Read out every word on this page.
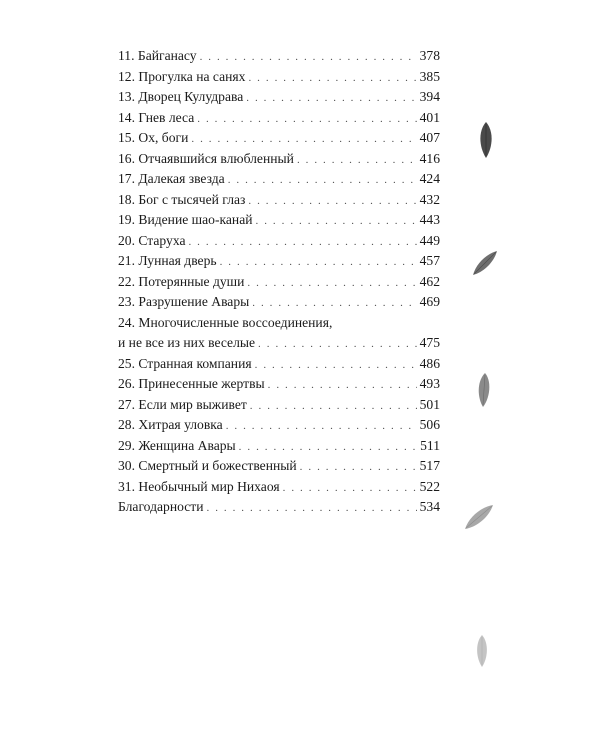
11. Байганасу . . .	378
12. Прогулка на санях . . .	385
13. Дворец Кулудрава . . .	394
14. Гнев леса . . .	401
15. Ох, боги . . .	407
16. Отчаявшийся влюбленный . . .	416
17. Далекая звезда . . .	424
18. Бог с тысячей глаз . . .	432
19. Видение шао-канай . . .	443
20. Старуха . . .	449
21. Лунная дверь . . .	457
22. Потерянные души . . .	462
23. Разрушение Авары . . .	469
24. Многочисленные воссоединения,
и не все из них веселые . . .	475
25. Странная компания . . .	486
26. Принесенные жертвы . . .	493
27. Если мир выживет . . .	501
28. Хитрая уловка . . .	506
29. Женщина Авары . . .	511
30. Смертный и божественный . . .	517
31. Необычный мир Нихаоя . . .	522
Благодарности . . .	534
